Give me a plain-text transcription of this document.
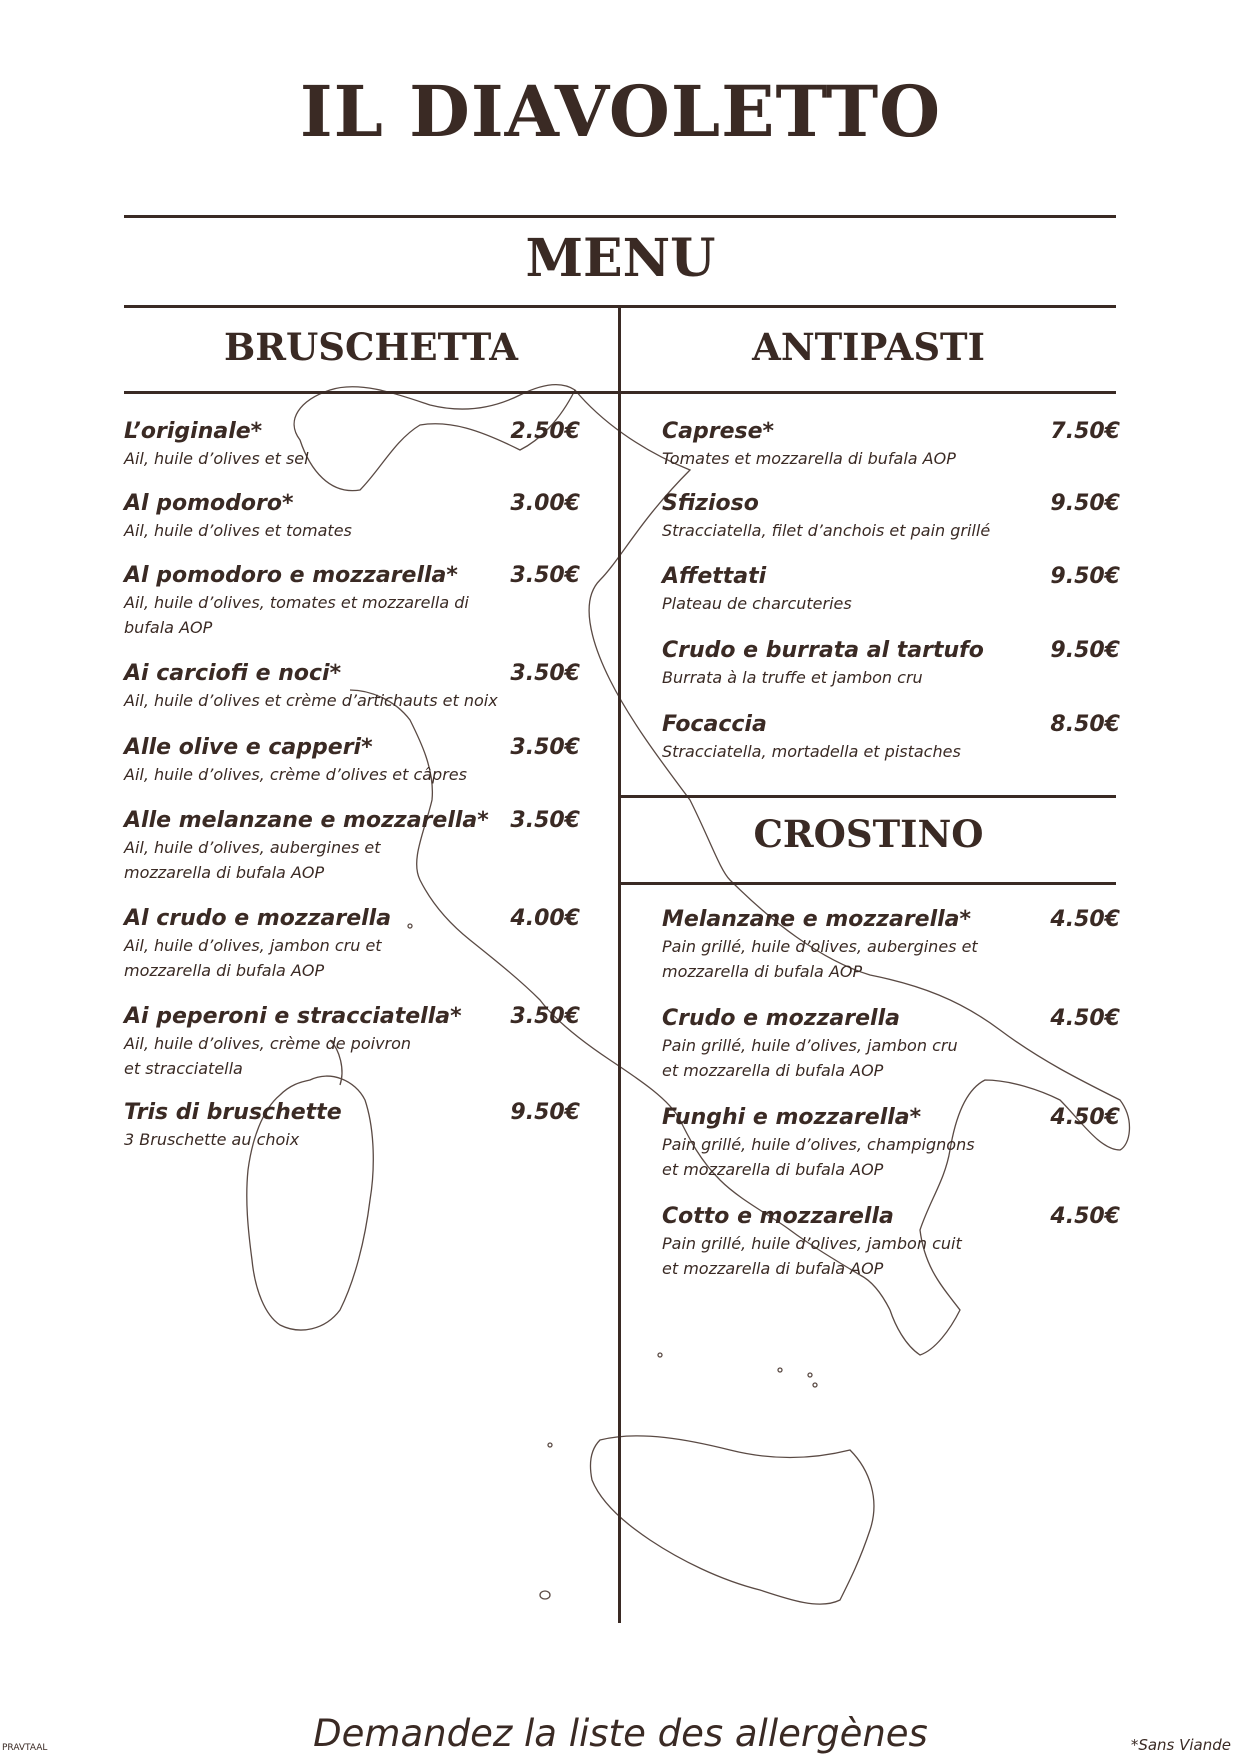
IL DIAVOLETTO
MENU
BRUSCHETTA	ANTIPASTI
L’originale*	2.50€
Ail, huile d’olives et sel
Al pomodoro*	3.00€
Ail, huile d’olives et tomates
Al pomodoro e mozzarella*	3.50€
Ail, huile d’olives, tomates et mozzarella di bufala AOP
Ai carciofi e noci*	3.50€
Ail, huile d’olives et crème d’artichauts et noix
Alle olive e capperi*	3.50€
Ail, huile d’olives, crème d’olives et câpres
Alle melanzane e mozzarella* 3.50€
Ail, huile d’olives, aubergines et mozzarella di bufala AOP
Al crudo e mozzarella	4.00€
Ail, huile d’olives, jambon cru et mozzarella di bufala AOP
Ai peperoni e stracciatella*	3.50€
Ail, huile d’olives, crème de poivron et stracciatella
Tris di bruschette	9.50€
3 Bruschette au choix
Caprese*	7.50€
Tomates et mozzarella di bufala AOP
Sfizioso	9.50€
Stracciatella, filet d’anchois et pain grillé
Affettati	9.50€
Plateau de charcuteries
Crudo e burrata al tartufo	9.50€
Burrata à la truffe et jambon cru
Focaccia	8.50€
Stracciatella, mortadella et pistaches
CROSTINO
Melanzane e mozzarella*	4.50€
Pain grillé, huile d’olives, aubergines et mozzarella di bufala AOP
Crudo e mozzarella	4.50€
Pain grillé, huile d’olives, jambon cru et mozzarella di bufala AOP
Funghi e mozzarella*	4.50€
Pain grillé, huile d’olives, champignons et mozzarella di bufala AOP
Cotto e mozzarella	4.50€
Pain grillé, huile d’olives, jambon cuit et mozzarella di bufala AOP
Demandez la liste des allergènes
PRAVTAAL	*Sans Viande
